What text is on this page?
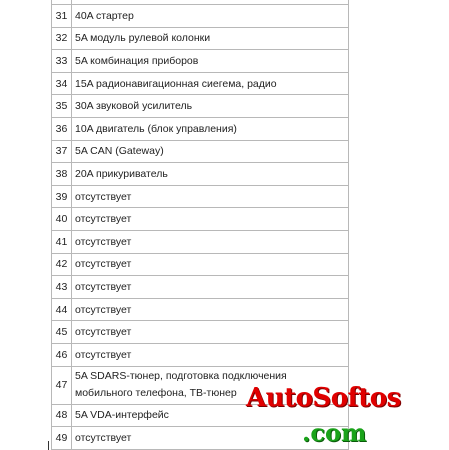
31 40A стартер
32 5A модуль рулевой колонки
33 5A комбинация приборов
34 15A радионавигационная сиегема, радио
35 30A звуковой усилитель
36 10A двигатель (блок управления)
37 5A CAN (Gateway)
38 20A прикуриватель
39 отсутствует
40 отсутствует
41 отсутствует
42 отсутствует
43 отсутствует
44 отсутствует
45 отсутствует
46 отсутствует
47
5A SDARS-тюнер, подготовка подключения мобильного телефона, ТВ-тюнер
48 5A VDA-интерфейс
49 отсутствует
AutoSoftos
.com
